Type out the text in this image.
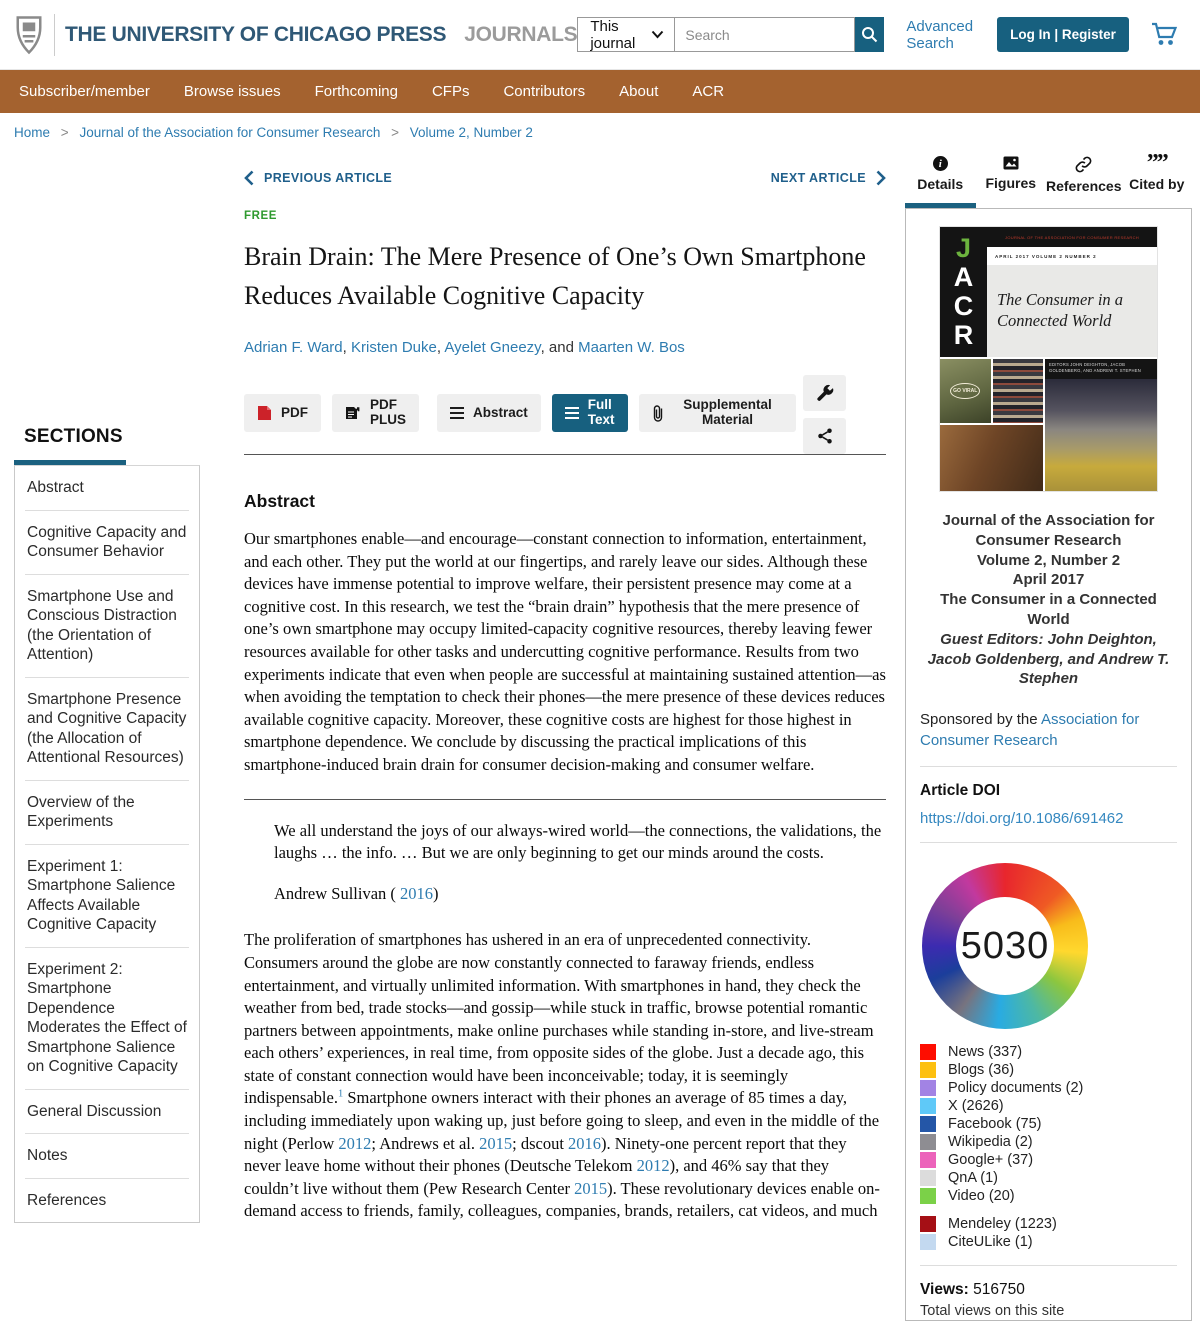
THE UNIVERSITY OF CHICAGO PRESS JOURNALS This journal
Search
Advanced Search	Log In | Register
Subscriber/member	Browse issues	Forthcoming	CFPs	Contributors	About	ACR
Home > Journal of the Association for Consumer Research > Volume 2, Number 2
SECTIONS
Abstract
Cognitive Capacity and Consumer Behavior
Smartphone Use and Conscious Distraction (the Orientation of Attention)
Smartphone Presence and Cognitive Capacity (the Allocation of Attentional Resources)
Overview of the Experiments
Experiment 1: Smartphone Salience Affects Available Cognitive Capacity
Experiment 2: Smartphone Dependence Moderates the Effect of Smartphone Salience on Cognitive Capacity
General Discussion
Notes
References
PREVIOUS ARTICLE	NEXT ARTICLE
FREE
Brain Drain: The Mere Presence of One’s Own Smartphone Reduces Available Cognitive Capacity
Adrian F. Ward, Kristen Duke, Ayelet Gneezy, and Maarten W. Bos
PDF	PDF PLUS	Abstract	Full Text
Supplemental Material
Abstract

Our smartphones enable—and encourage—constant connection to information, entertainment, and each other. They put the world at our fingertips, and rarely leave our sides. Although these devices have immense potential to improve welfare, their persistent presence may come at a cognitive cost. In this research, we test the “brain drain” hypothesis that the mere presence of one’s own smartphone may occupy limited-capacity cognitive resources, thereby leaving fewer resources available for other tasks and undercutting cognitive performance. Results from two experiments indicate that even when people are successful at maintaining sustained attention—as when avoiding the temptation to check their phones—the mere presence of these devices reduces available cognitive capacity. Moreover, these cognitive costs are highest for those highest in smartphone dependence. We conclude by discussing the practical implications of this smartphone-induced brain drain for consumer decision-making and consumer welfare.

We all understand the joys of our always-wired world—the connections, the validations, the laughs … the info. … But we are only beginning to get our minds around the costs.

Andrew Sullivan ( 2016)

The proliferation of smartphones has ushered in an era of unprecedented connectivity. Consumers around the globe are now constantly connected to faraway friends, endless entertainment, and virtually unlimited information. With smartphones in hand, they check the weather from bed, trade stocks—and gossip—while stuck in traffic, browse potential romantic partners between appointments, make online purchases while standing in-store, and live-stream each others’ experiences, in real time, from opposite sides of the globe. Just a decade ago, this state of constant connection would have been inconceivable; today, it is seemingly indispensable.$^1$ Smartphone owners interact with their phones an average of 85 times a day, including immediately upon waking up, just before going to sleep, and even in the middle of the night (Perlow 2012; Andrews et al. 2015; dscout 2016). Ninety-one percent report that they never leave home without their phones (Deutsche Telekom 2012), and 46% say that they couldn’t live without them (Pew Research Center 2015). These revolutionary devices enable on-demand access to friends, family, colleagues, companies, brands, retailers, cat videos, and much

i
Details Figures References
””
Cited by
J
A
C
R
JOURNAL OF THE ASSOCIATION FOR CONSUMER RESEARCH
APRIL 2017 VOLUME 2 NUMBER 2
The Consumer in a Connected World
GO VIRAL
EDITORS JOHN DEIGHTON, JACOB GOLDENBERG, AND ANDREW T. STEPHEN
Journal of the Association for Consumer Research
Volume 2, Number 2
April 2017
The Consumer in a Connected World
Guest Editors: John Deighton, Jacob Goldenberg, and Andrew T. Stephen
Sponsored by the Association for Consumer Research
Article DOI
https://doi.org/10.1086/691462
5030
News (337)
Blogs (36)
Policy documents (2)
X (2626)
Facebook (75)
Wikipedia (2)
Google+ (37)
QnA (1)
Video (20)
Mendeley (1223)
CiteULike (1)
Views: 516750
Total views on this site
